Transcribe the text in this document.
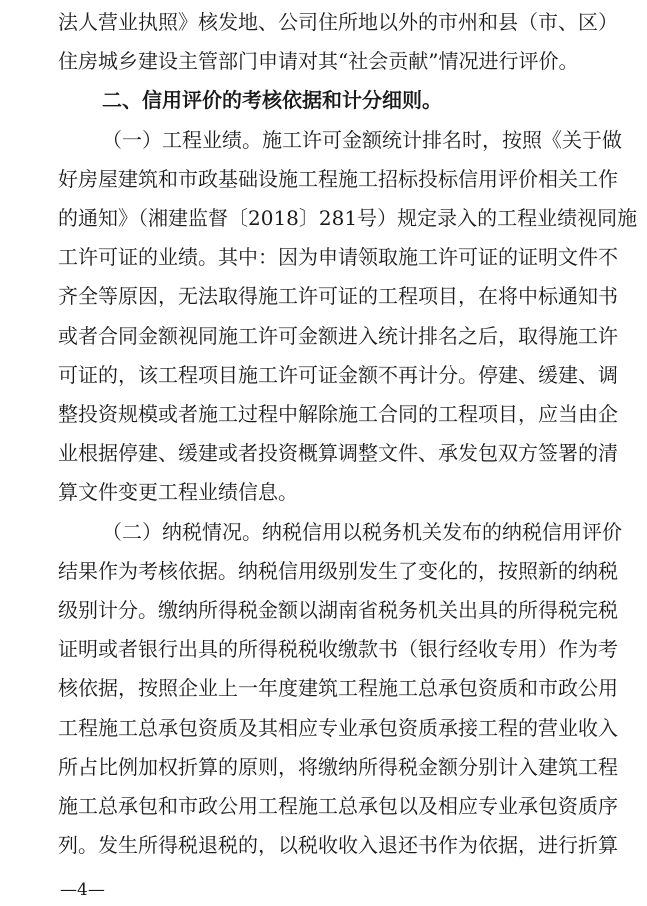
法人营业执照》核发地、公司住所地以外的市州和县（市、区）
住房城乡建设主管部门申请对其“社会贡献”情况进行评价。
二、信用评价的考核依据和计分细则。
（一）工程业绩。施工许可金额统计排名时，按照《关于做
好房屋建筑和市政基础设施工程施工招标投标信用评价相关工作
的通知》（湘建监督〔2018〕281号）规定录入的工程业绩视同施
工许可证的业绩。其中：因为申请领取施工许可证的证明文件不
齐全等原因，无法取得施工许可证的工程项目，在将中标通知书
或者合同金额视同施工许可金额进入统计排名之后，取得施工许
可证的，该工程项目施工许可证金额不再计分。停建、缓建、调
整投资规模或者施工过程中解除施工合同的工程项目，应当由企
业根据停建、缓建或者投资概算调整文件、承发包双方签署的清
算文件变更工程业绩信息。
（二）纳税情况。纳税信用以税务机关发布的纳税信用评价
结果作为考核依据。纳税信用级别发生了变化的，按照新的纳税
级别计分。缴纳所得税金额以湖南省税务机关出具的所得税完税
证明或者银行出具的所得税税收缴款书（银行经收专用）作为考
核依据，按照企业上一年度建筑工程施工总承包资质和市政公用
工程施工总承包资质及其相应专业承包资质承接工程的营业收入
所占比例加权折算的原则，将缴纳所得税金额分别计入建筑工程
施工总承包和市政公用工程施工总承包以及相应专业承包资质序
列。发生所得税退税的，以税收收入退还书作为依据，进行折算
—4—
